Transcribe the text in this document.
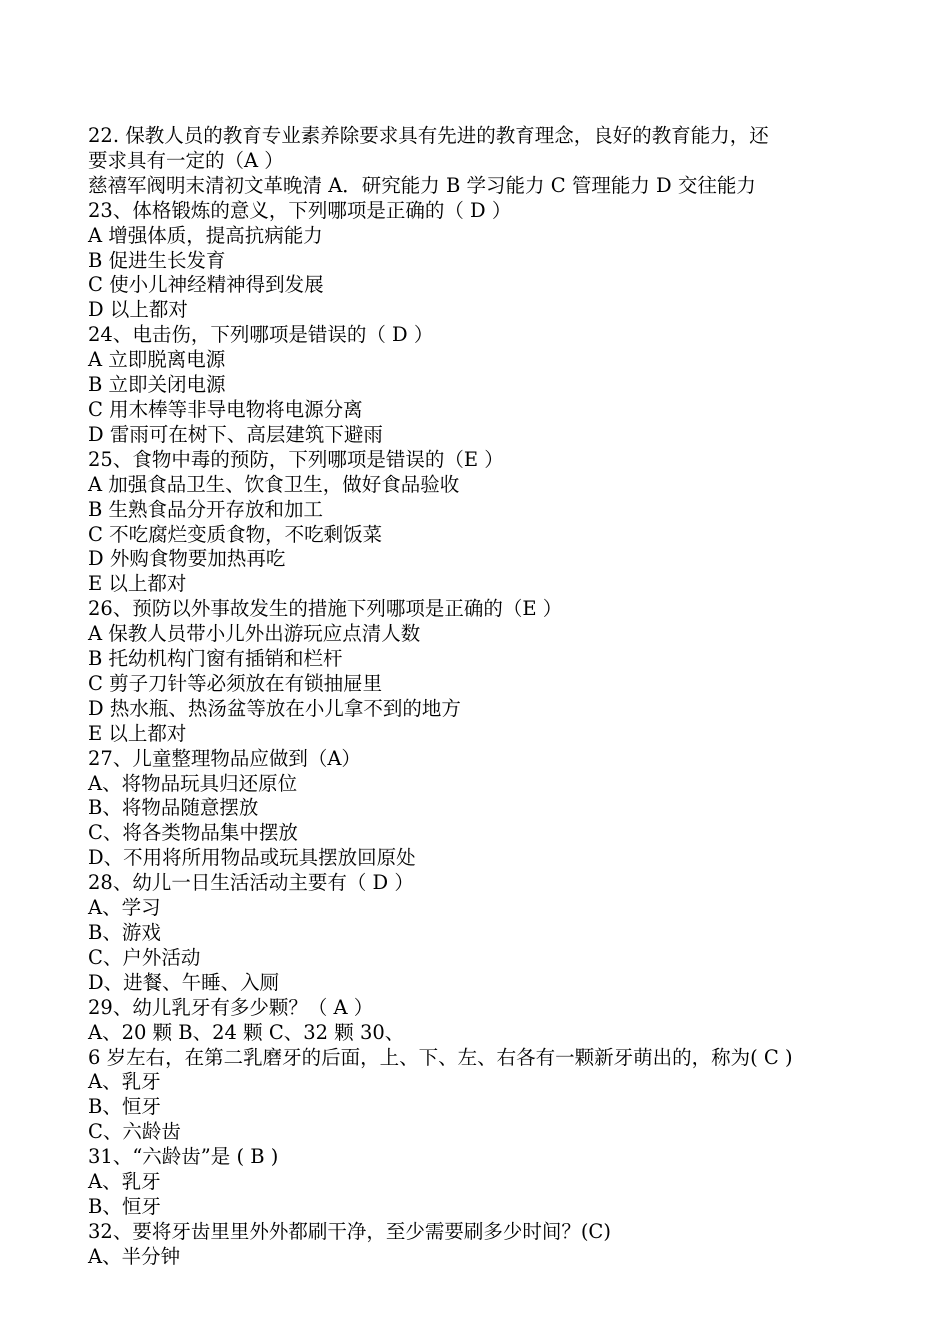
22. 保教人员的教育专业素养除要求具有先进的教育理念，良好的教育能力，还

要求具有一定的（A ）

慈禧军阀明末清初文革晚清 A．研究能力 B 学习能力 C 管理能力 D 交往能力

23、体格锻炼的意义，下列哪项是正确的（ D ）

A 增强体质，提高抗病能力

B 促进生长发育

C 使小儿神经精神得到发展

D 以上都对

24、电击伤，下列哪项是错误的（ D ）

A 立即脱离电源

B 立即关闭电源

C 用木棒等非导电物将电源分离

D 雷雨可在树下、高层建筑下避雨

25、食物中毒的预防，下列哪项是错误的（E ）

A 加强食品卫生、饮食卫生，做好食品验收

B 生熟食品分开存放和加工

C 不吃腐烂变质食物，不吃剩饭菜

D 外购食物要加热再吃

E 以上都对

26、预防以外事故发生的措施下列哪项是正确的（E ）

A 保教人员带小儿外出游玩应点清人数

B 托幼机构门窗有插销和栏杆

C 剪子刀针等必须放在有锁抽屉里

D 热水瓶、热汤盆等放在小儿拿不到的地方

E 以上都对

27、儿童整理物品应做到（A）

A、将物品玩具归还原位

B、将物品随意摆放

C、将各类物品集中摆放

D、不用将所用物品或玩具摆放回原处

28、幼儿一日生活活动主要有（ D ）

A、学习

B、游戏

C、户外活动

D、进餐、午睡、入厕

29、幼儿乳牙有多少颗？（ A ）

A、20 颗 B、24 颗 C、32 颗 30、

6 岁左右，在第二乳磨牙的后面，上、下、左、右各有一颗新牙萌出的，称为( C )

A、乳牙

B、恒牙

C、六龄齿

31、“六龄齿”是 ( B )

A、乳牙

B、恒牙

32、要将牙齿里里外外都刷干净，至少需要刷多少时间？(C)

A、半分钟
